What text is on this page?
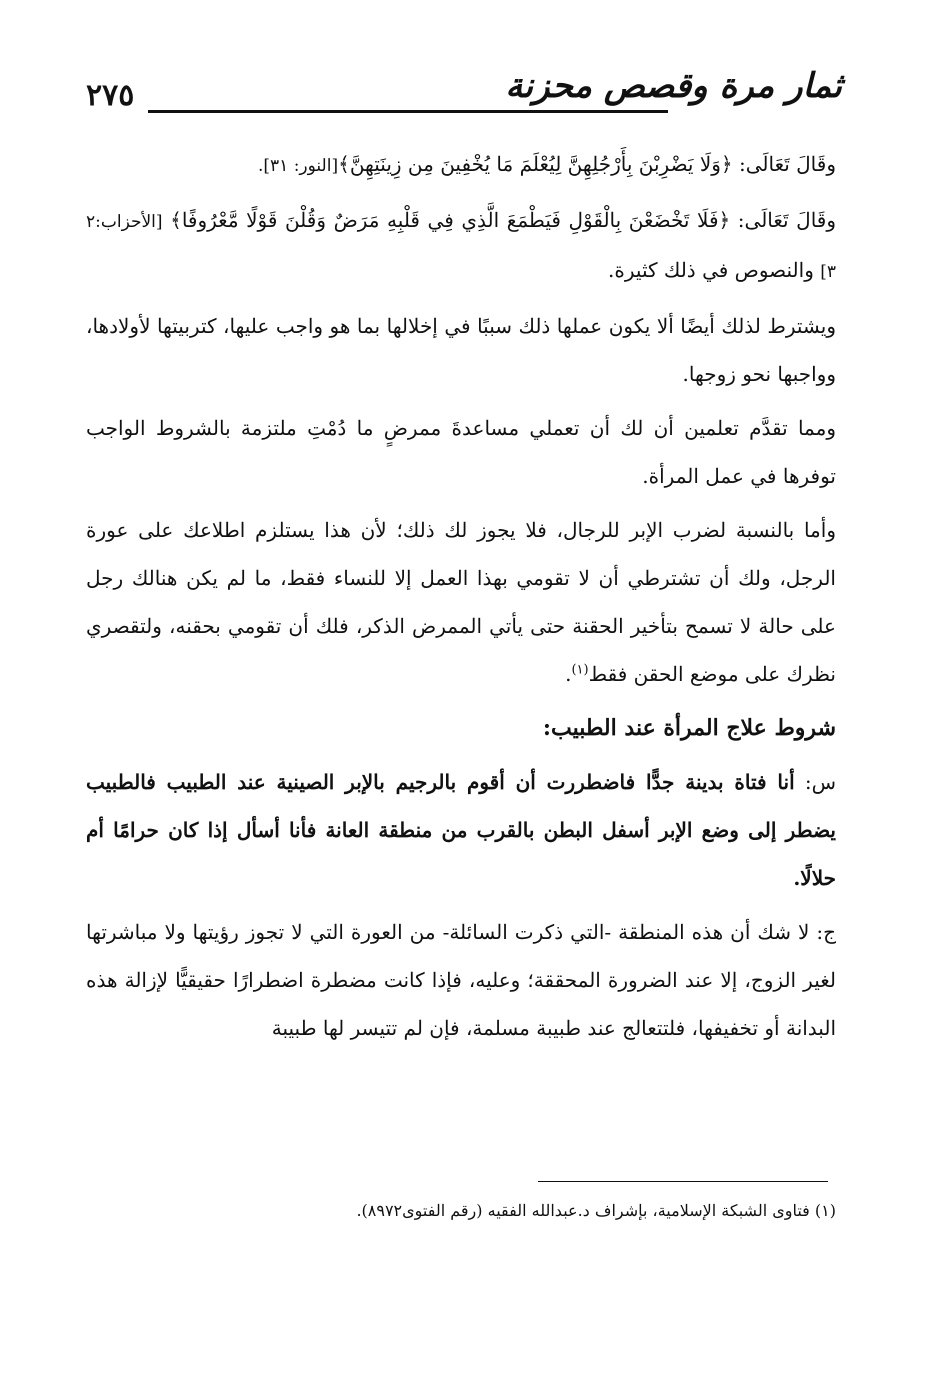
ثمار مرة وقصص محزنة
٢٧٥

وقَالَ تَعَالَى: ﴿وَلَا يَضْرِبْنَ بِأَرْجُلِهِنَّ لِيُعْلَمَ مَا يُخْفِينَ مِن زِينَتِهِنَّ﴾[النور: ٣١].

وقَالَ تَعَالَى: ﴿فَلَا تَخْضَعْنَ بِالْقَوْلِ فَيَطْمَعَ الَّذِي فِي قَلْبِهِ مَرَضٌ وَقُلْنَ قَوْلًا مَّعْرُوفًا﴾ [الأحزاب:٢ ٣] والنصوص في ذلك كثيرة.

ويشترط لذلك أيضًا ألا يكون عملها ذلك سببًا في إخلالها بما هو واجب عليها، كتربيتها لأولادها، وواجبها نحو زوجها.

ومما تقدَّم تعلمين أن لك أن تعملي مساعدةَ ممرضٍ ما دُمْتِ ملتزمة بالشروط الواجب توفرها في عمل المرأة.

وأما بالنسبة لضرب الإبر للرجال، فلا يجوز لك ذلك؛ لأن هذا يستلزم اطلاعك على عورة الرجل، ولك أن تشترطي أن لا تقومي بهذا العمل إلا للنساء فقط، ما لم يكن هنالك رجل على حالة لا تسمح بتأخير الحقنة حتى يأتي الممرض الذكر، فلك أن تقومي بحقنه، ولتقصري نظرك على موضع الحقن فقط$^{(١)}$.

شروط علاج المرأة عند الطبيب:

س: أنا فتاة بدينة جدًّا فاضطررت أن أقوم بالرجيم بالإبر الصينية عند الطبيب فالطبيب يضطر إلى وضع الإبر أسفل البطن بالقرب من منطقة العانة فأنا أسأل إذا كان حرامًا أم حلالًا.

ج: لا شك أن هذه المنطقة -التي ذكرت السائلة- من العورة التي لا تجوز رؤيتها ولا مباشرتها لغير الزوج، إلا عند الضرورة المحققة؛ وعليه، فإذا كانت مضطرة اضطرارًا حقيقيًّا لإزالة هذه البدانة أو تخفيفها، فلتتعالج عند طبيبة مسلمة، فإن لم تتيسر لها طبيبة

(١) فتاوى الشبكة الإسلامية، بإشراف د.عبدالله الفقيه (رقم الفتوى٨٩٧٢).
